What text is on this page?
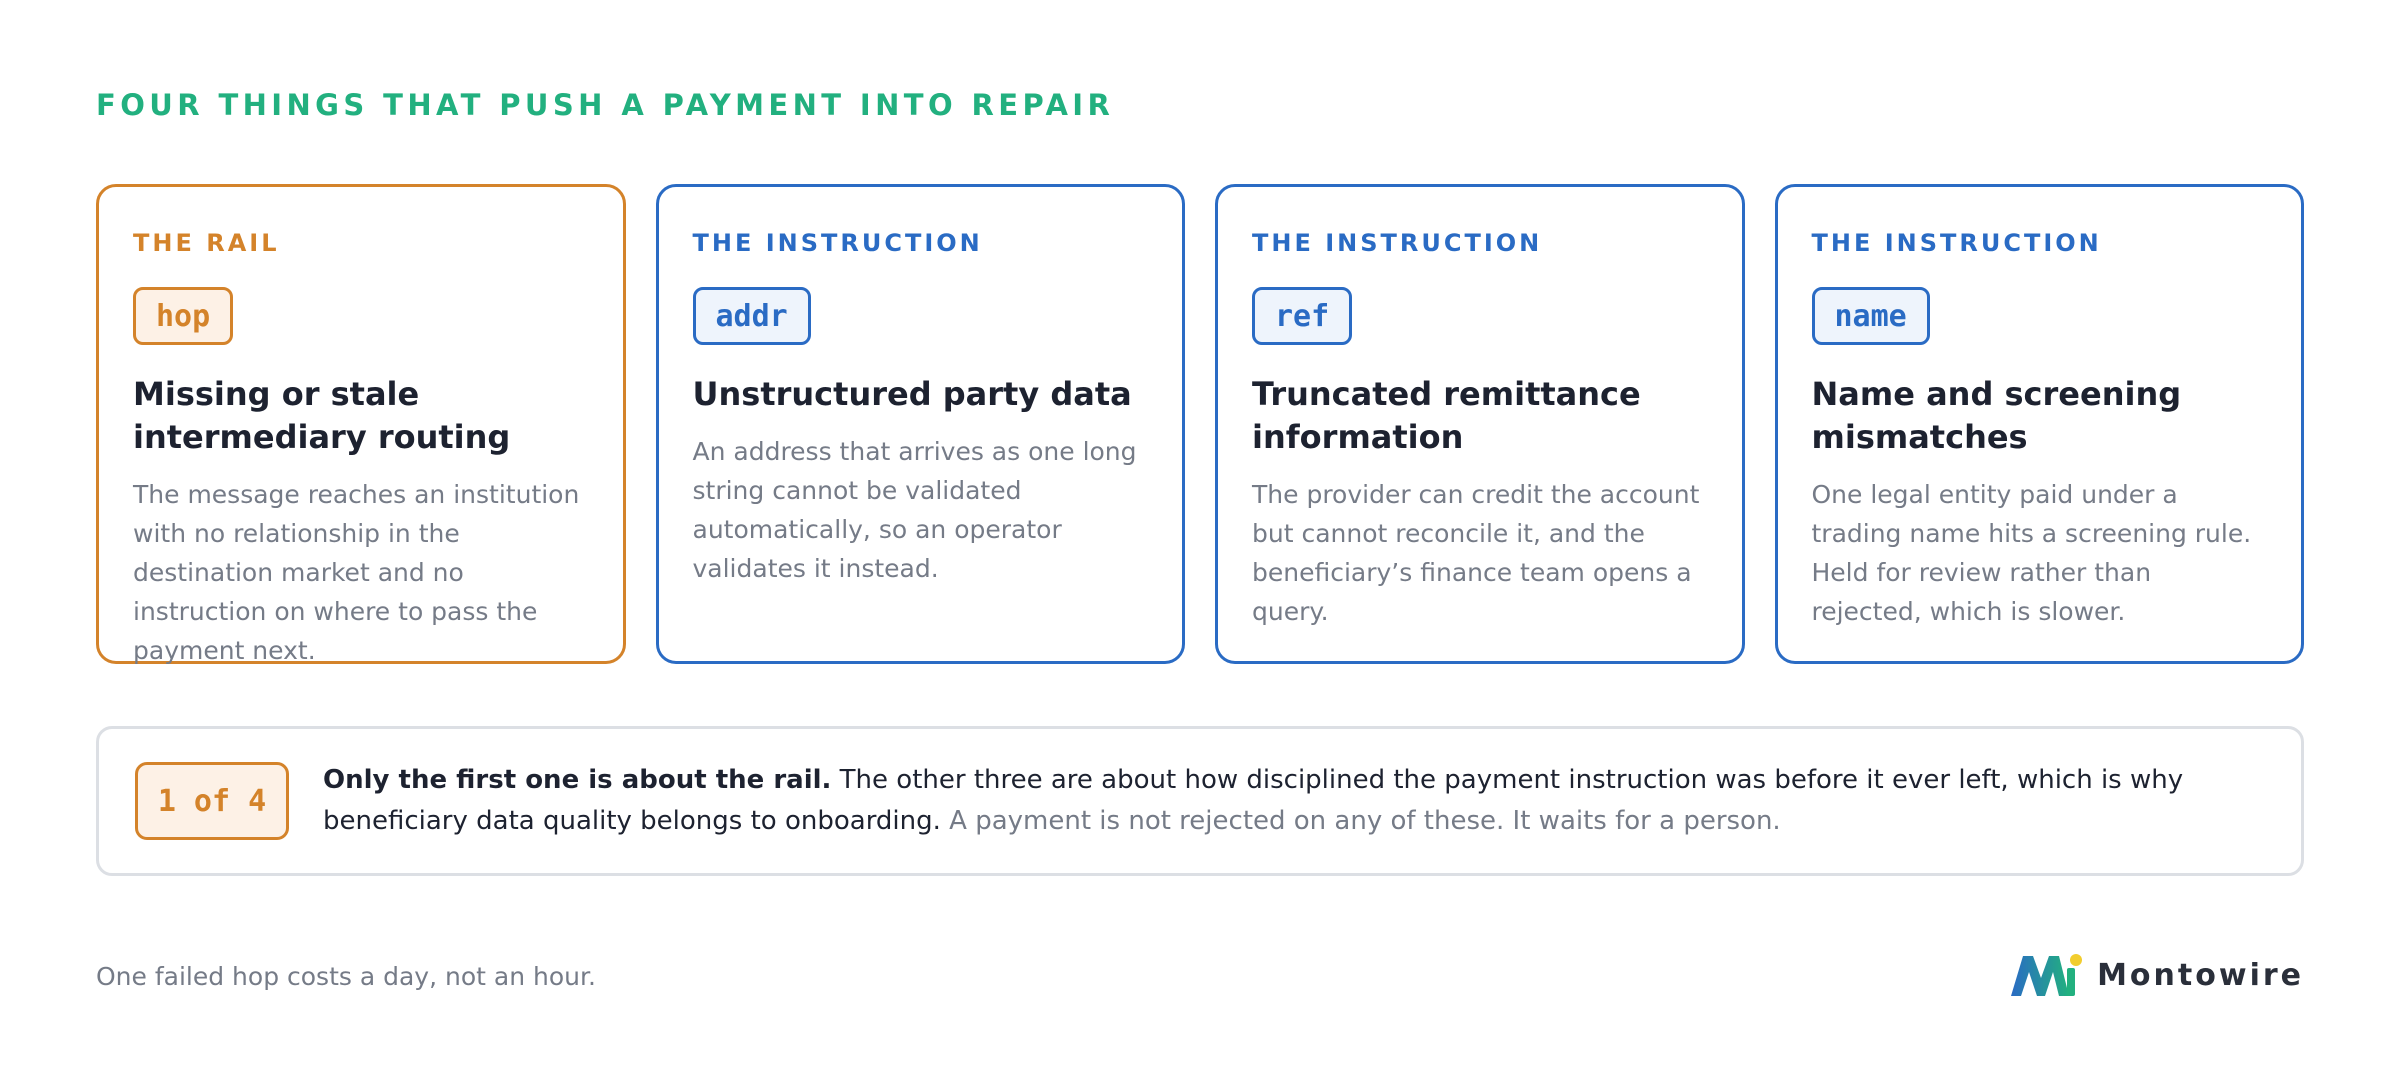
FOUR THINGS THAT PUSH A PAYMENT INTO REPAIR
THE RAIL
hop
Missing or stale intermediary routing
The message reaches an institution with no relationship in the destination market and no instruction on where to pass the payment next.
THE INSTRUCTION
addr
Unstructured party data
An address that arrives as one long string cannot be validated automatically, so an operator validates it instead.
THE INSTRUCTION
ref
Truncated remittance information
The provider can credit the account but cannot reconcile it, and the beneficiary’s finance team opens a query.
THE INSTRUCTION
name
Name and screening mismatches
One legal entity paid under a trading name hits a screening rule. Held for review rather than rejected, which is slower.
1 of 4
Only the first one is about the rail. The other three are about how disciplined the payment instruction was before it ever left, which is why beneficiary data quality belongs to onboarding. A payment is not rejected on any of these. It waits for a person.
One failed hop costs a day, not an hour.	Montowire
